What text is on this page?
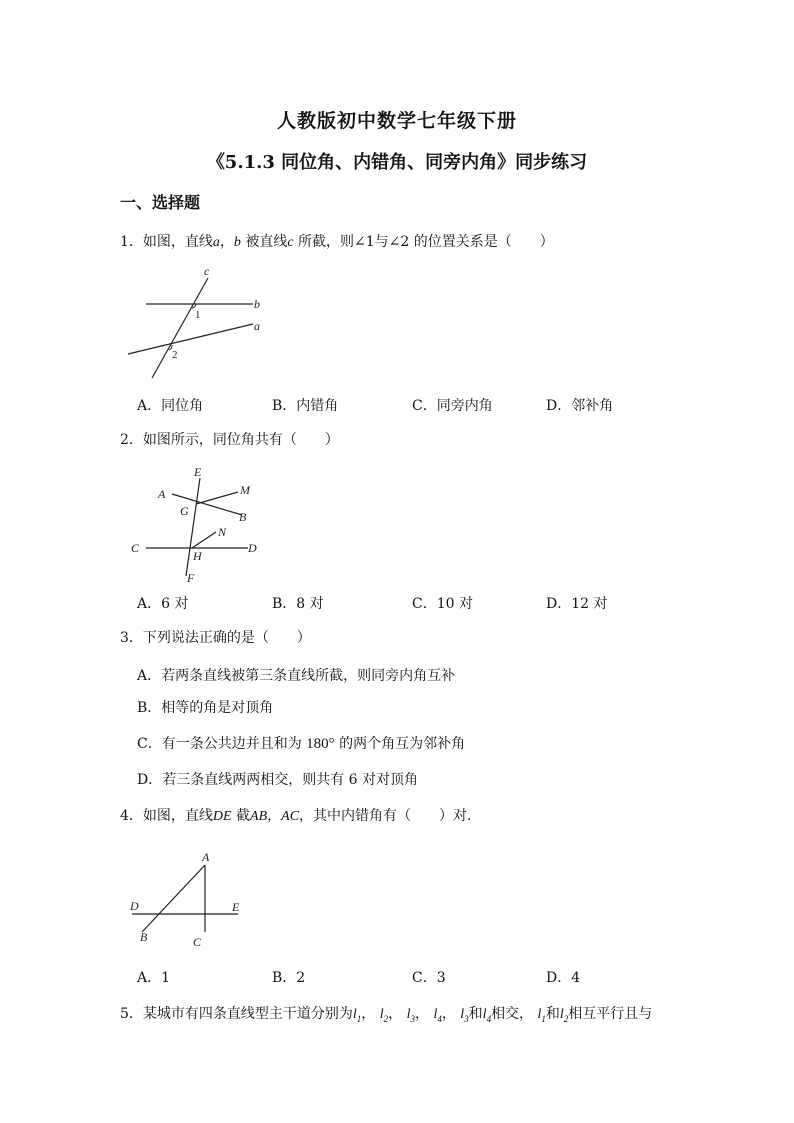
人教版初中数学七年级下册
《5.1.3 同位角、内错角、同旁内角》同步练习
一、选择题
1．如图，直线a，b 被直线c 所截，则∠1与∠2 的位置关系是（　　）
c
b
a
1
2
A．同位角	B．内错角	C．同旁内角	D．邻补角
2．如图所示，同位角共有（　　）
E
A	M
G	B
N
C
H
D
F
A．6 对	B．8 对	C．10 对	D．12 对
3．下列说法正确的是（　　）
A．若两条直线被第三条直线所截，则同旁内角互补
B．相等的角是对顶角
C．有一条公共边并且和为 180° 的两个角互为邻补角
D．若三条直线两两相交，则共有 6 对对顶角
4．如图，直线DE 截AB，AC，其中内错角有（　　）对.
A
D	E
B	C
A．1	B．2	C．3	D．4
5．某城市有四条直线型主干道分别为$l_1$， $l_2$， $l_3$， $l_4$， $l_3$和$l_4$相交， $l_1$和$l_2$相互平行且与
